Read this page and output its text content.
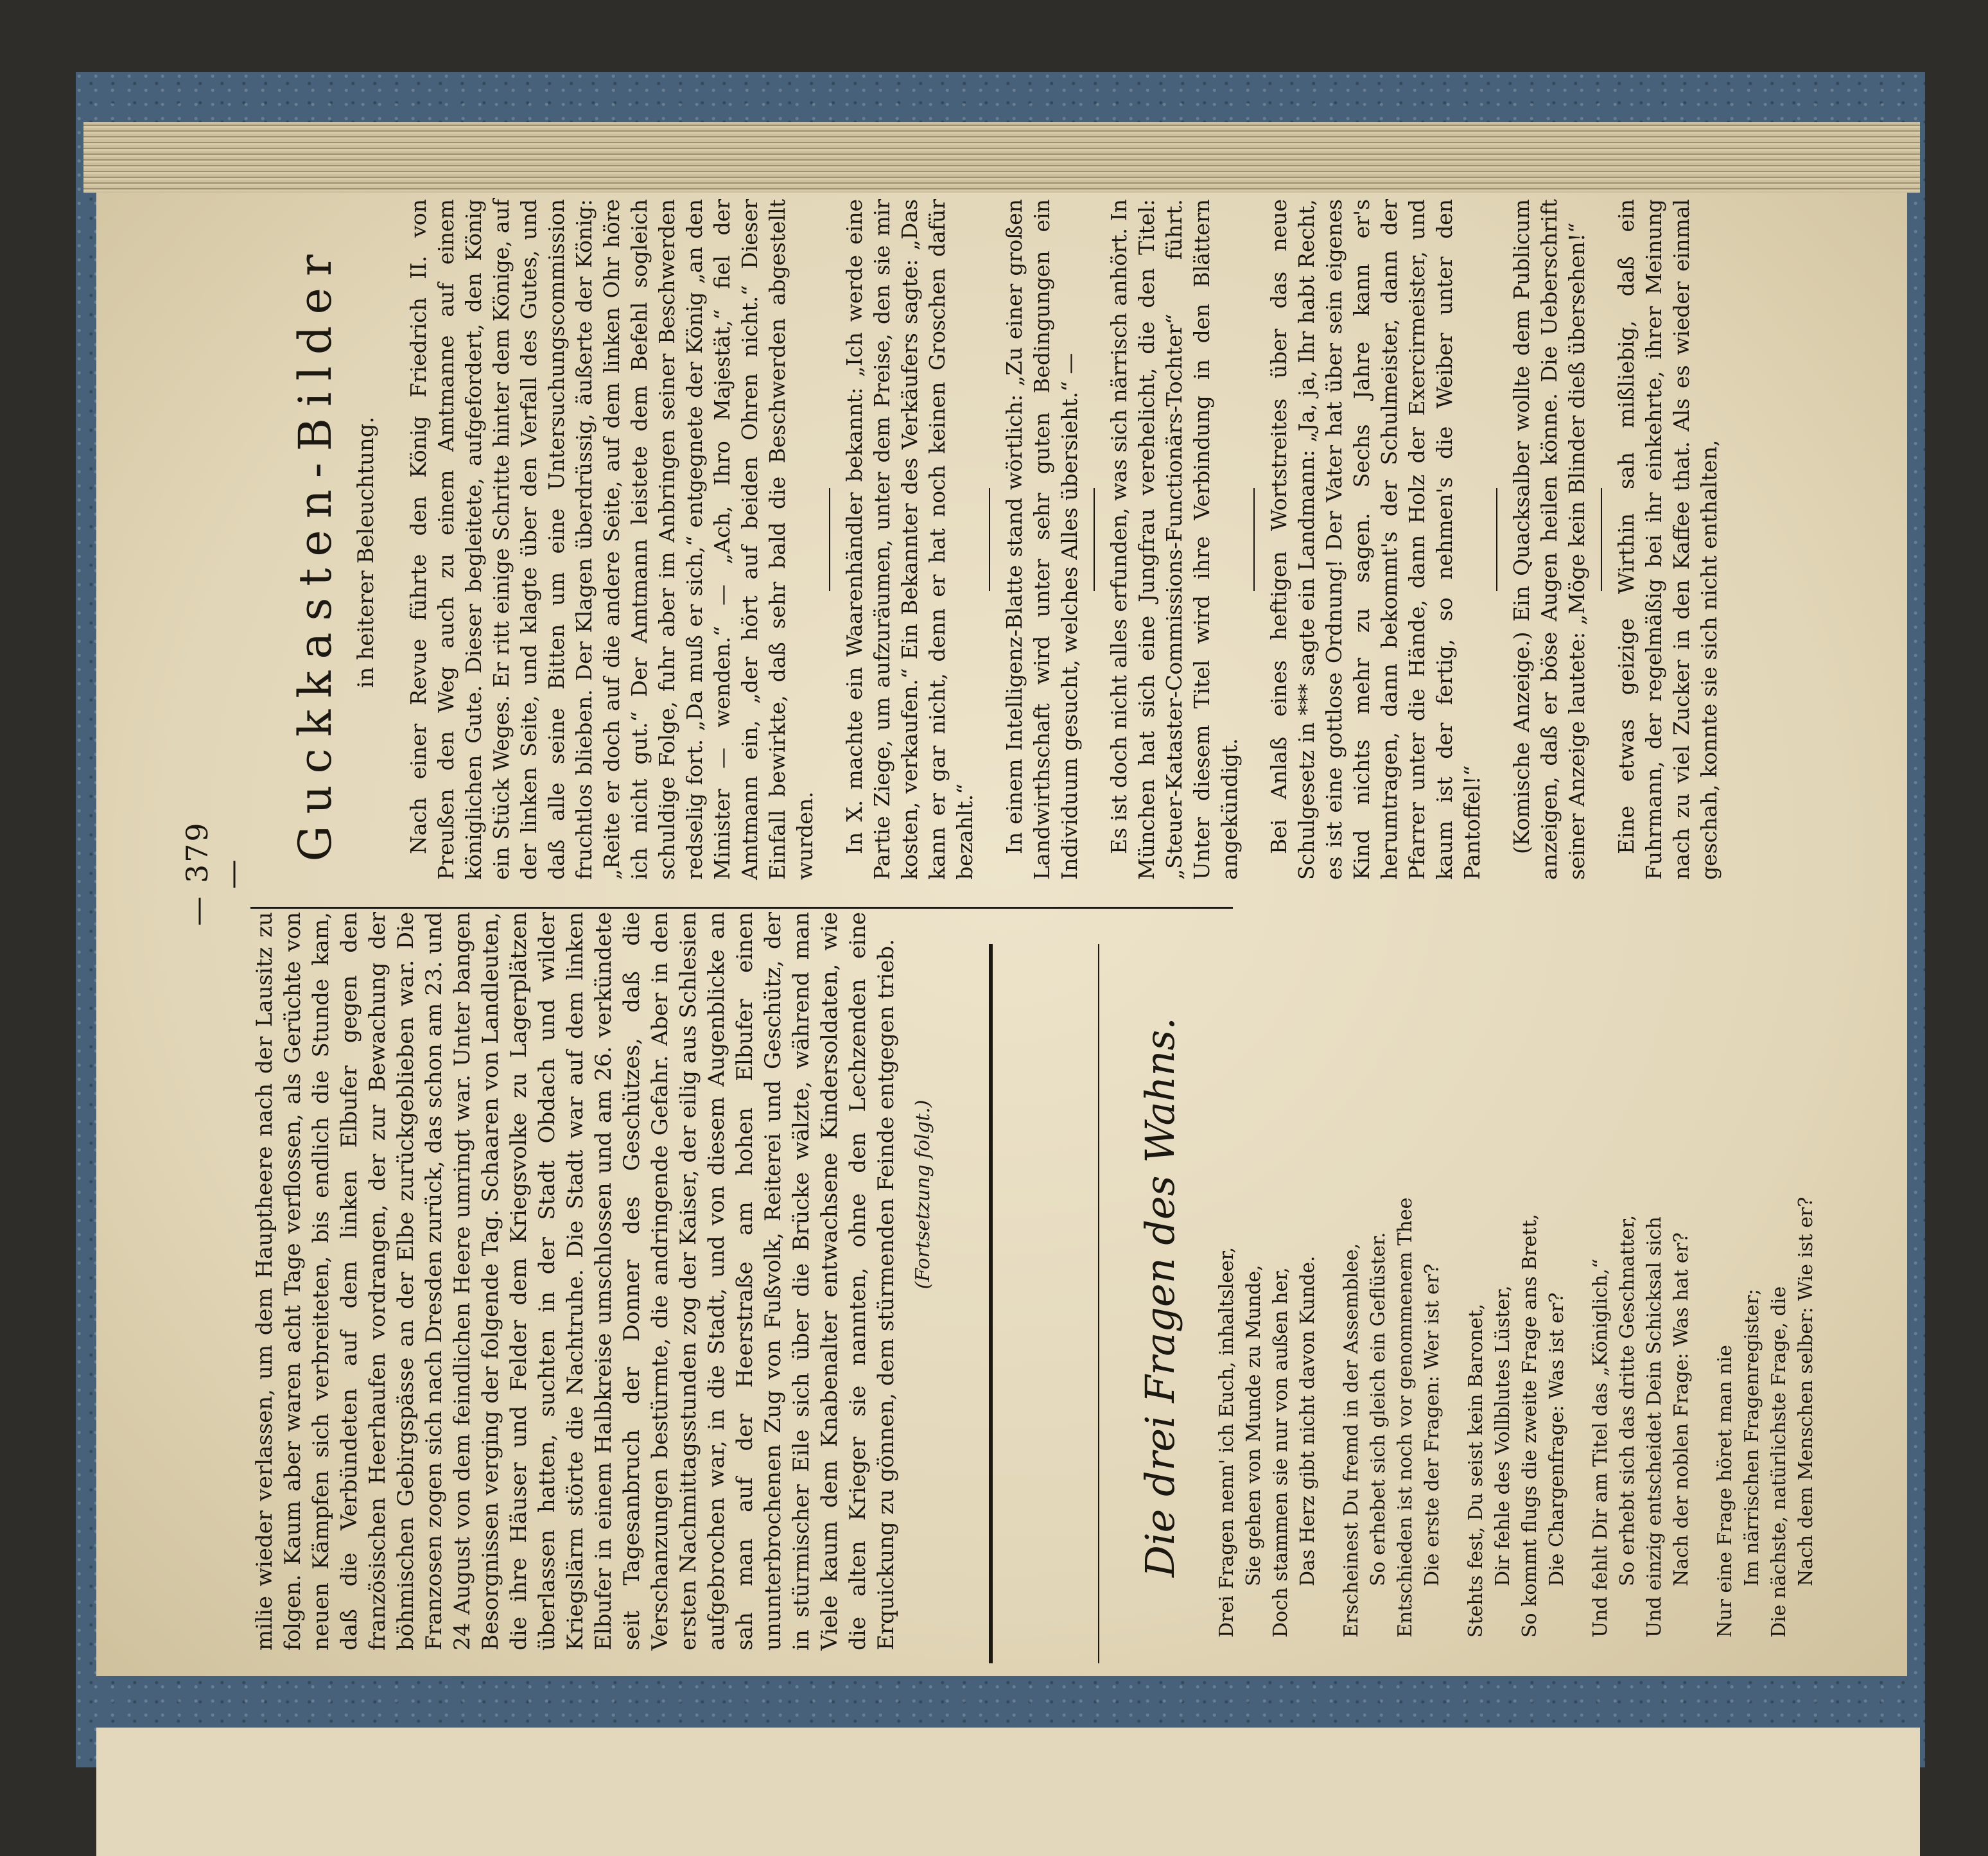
— 379 —
milie wieder verlassen, um dem Hauptheere nach der Lausitz zu folgen. Kaum aber waren acht Tage verflossen, als Gerüchte von neuen Kämpfen sich verbreiteten, bis endlich die Stunde kam, daß die Verbündeten auf dem linken Elbufer gegen den französischen Heerhaufen vordrangen, der zur Bewachung der böhmischen Gebirgspässe an der Elbe zurückgeblieben war. Die Franzosen zogen sich nach Dresden zurück, das schon am 23. und 24 August von dem feindlichen Heere umringt war. Unter bangen Besorgnissen verging der folgende Tag. Schaaren von Landleuten, die ihre Häuser und Felder dem Kriegsvolke zu Lagerplätzen überlassen hatten, suchten in der Stadt Obdach und wilder Kriegslärm störte die Nachtruhe. Die Stadt war auf dem linken Elbufer in einem Halbkreise umschlossen und am 26. verkündete seit Tagesanbruch der Donner des Geschützes, daß die Verschanzungen bestürmte, die andringende Gefahr. Aber in den ersten Nachmittagsstunden zog der Kaiser, der eilig aus Schlesien aufgebrochen war, in die Stadt, und von diesem Augenblicke an sah man auf der Heerstraße am hohen Elbufer einen ununterbrochenen Zug von Fußvolk, Reiterei und Geschütz, der in stürmischer Eile sich über die Brücke wälzte, während man Viele kaum dem Knabenalter entwachsene Kindersoldaten, wie die alten Krieger sie nannten, ohne den Lechzenden eine Erquickung zu gönnen, dem stürmenden Feinde entgegen trieb. (Fortsetzung folgt.)	Die drei Fragen des Wahns. Drei Fragen nenn' ich Euch, inhaltsleer, Sie gehen von Munde zu Munde, Doch stammen sie nur von außen her, Das Herz gibt nicht davon Kunde. Erscheinest Du fremd in der Assemblee, So erhebet sich gleich ein Geflüster. Entschieden ist noch vor genommenem Thee Die erste der Fragen: Wer ist er? Stehts fest, Du seist kein Baronet, Dir fehle des Vollblutes Lüster, So kommt flugs die zweite Frage ans Brett, Die Chargenfrage: Was ist er? Und fehlt Dir am Titel das „Königlich,“ So erhebt sich das dritte Geschnatter, Und einzig entscheidet Dein Schicksal sich Nach der noblen Frage: Was hat er? Nur eine Frage höret man nie Im närrischen Fragenregister; Die nächste, natürlichste Frage, die Nach dem Menschen selber: Wie ist er?
Guckkasten-Bilder in heiterer Beleuchtung. Nach einer Revue führte den König Friedrich II. von Preußen den Weg auch zu einem Amtmanne auf einem königlichen Gute. Dieser begleitete, aufgefordert, den König ein Stück Weges. Er ritt einige Schritte hinter dem Könige, auf der linken Seite, und klagte über den Verfall des Gutes, und daß alle seine Bitten um eine Untersuchungscommission fruchtlos blieben. Der Klagen überdrüssig, äußerte der König: „Reite er doch auf die andere Seite, auf dem linken Ohr höre ich nicht gut.“ Der Amtmann leistete dem Befehl sogleich schuldige Folge, fuhr aber im Anbringen seiner Beschwerden redselig fort. „Da muß er sich,“ entgegnete der König „an den Minister — wenden.“ — „Ach, Ihro Majestät,“ fiel der Amtmann ein, „der hört auf beiden Ohren nicht.“ Dieser Einfall bewirkte, daß sehr bald die Beschwerden abgestellt wurden. In X. machte ein Waarenhändler bekannt: „Ich werde eine Partie Ziege, um aufzuräumen, unter dem Preise, den sie mir kosten, verkaufen.“ Ein Bekannter des Verkäufers sagte: „Das kann er gar nicht, denn er hat noch keinen Groschen dafür bezahlt.“ In einem Intelligenz-Blatte stand wörtlich: „Zu einer großen Landwirthschaft wird unter sehr guten Bedingungen ein Individuum gesucht, welches Alles übersieht.“ — Es ist doch nicht alles erfunden, was sich närrisch anhört. In München hat sich eine Jungfrau verehelicht, die den Titel: „Steuer-Kataster-Commissions-Functionärs-Tochter“ führt. Unter diesem Titel wird ihre Verbindung in den Blättern angekündigt. Bei Anlaß eines heftigen Wortstreites über das neue Schulgesetz in *** sagte ein Landmann: „Ja, ja, Ihr habt Recht, es ist eine gottlose Ordnung! Der Vater hat über sein eigenes Kind nichts mehr zu sagen. Sechs Jahre kann er's herumtragen, dann bekommt's der Schulmeister, dann der Pfarrer unter die Hände, dann Holz der Exercirmeister, und kaum ist der fertig, so nehmen's die Weiber unter den Pantoffel!“ (Komische Anzeige.) Ein Quacksalber wollte dem Publicum anzeigen, daß er böse Augen heilen könne. Die Ueberschrift seiner Anzeige lautete: „Möge kein Blinder dieß übersehen!“ Eine etwas geizige Wirthin sah mißliebig, daß ein Fuhrmann, der regelmäßig bei ihr einkehrte, ihrer Meinung nach zu viel Zucker in den Kaffee that. Als es wieder einmal geschah, konnte sie sich nicht enthalten,
